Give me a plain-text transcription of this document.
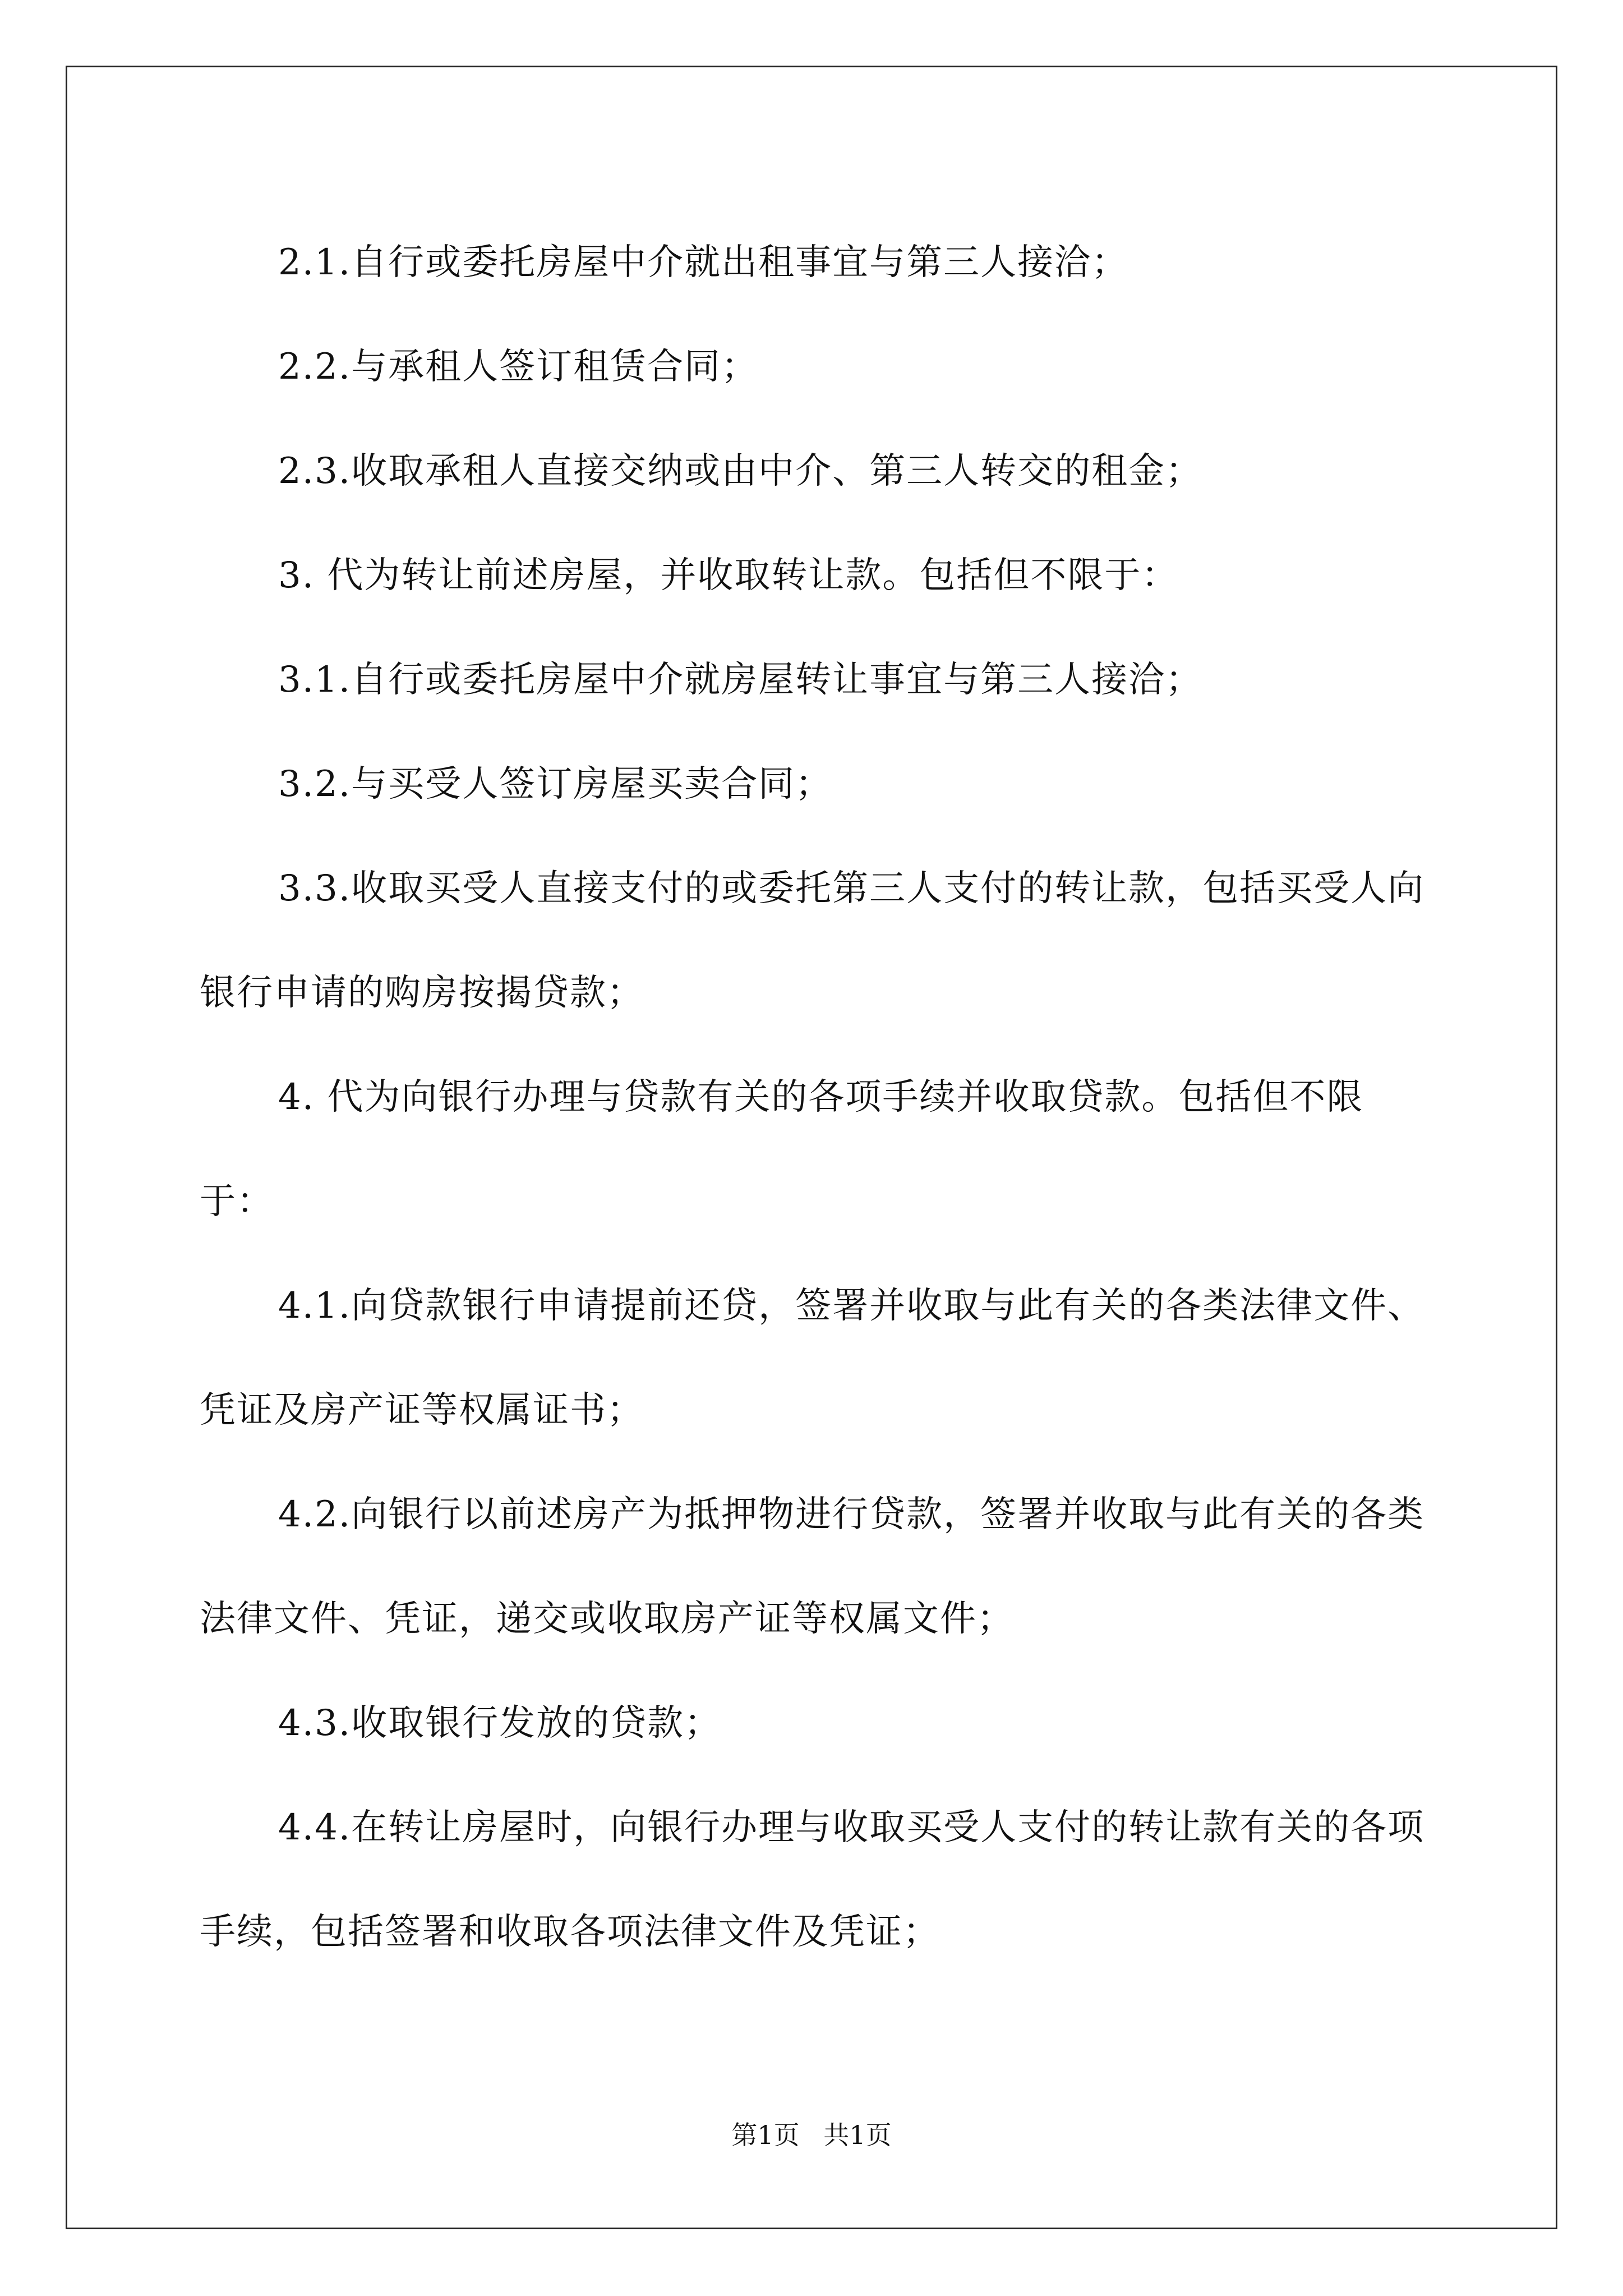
2.1.自行或委托房屋中介就出租事宜与第三人接洽；

2.2.与承租人签订租赁合同；

2.3.收取承租人直接交纳或由中介、第三人转交的租金；

3. 代为转让前述房屋，并收取转让款。包括但不限于：

3.1.自行或委托房屋中介就房屋转让事宜与第三人接洽；

3.2.与买受人签订房屋买卖合同；

3.3.收取买受人直接支付的或委托第三人支付的转让款，包括买受人向银行申请的购房按揭贷款；

4. 代为向银行办理与贷款有关的各项手续并收取贷款。包括但不限于：

4.1.向贷款银行申请提前还贷，签署并收取与此有关的各类法律文件、凭证及房产证等权属证书；

4.2.向银行以前述房产为抵押物进行贷款，签署并收取与此有关的各类法律文件、凭证，递交或收取房产证等权属文件；

4.3.收取银行发放的贷款；

4.4.在转让房屋时，向银行办理与收取买受人支付的转让款有关的各项手续，包括签署和收取各项法律文件及凭证；

第1页 共1页
